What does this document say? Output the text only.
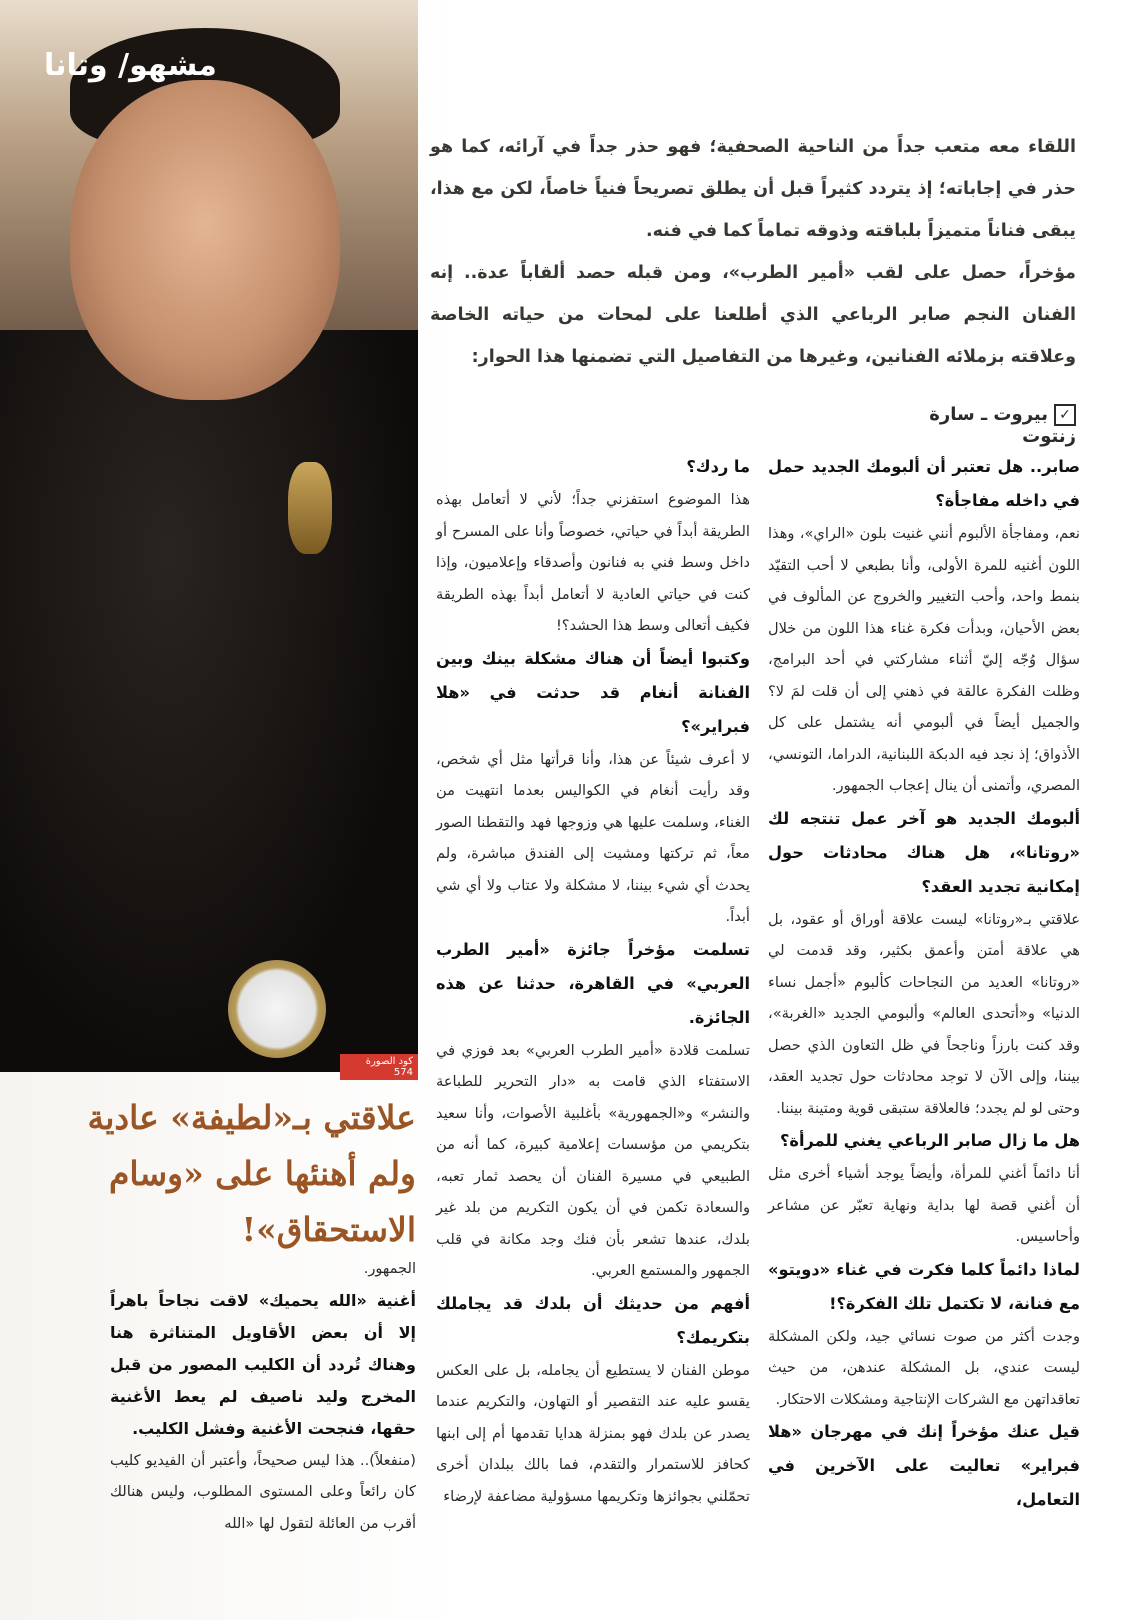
مشهو/ وتانا
كود الصورة 574

اللقاء معه متعب جداً من الناحية الصحفية؛ فهو حذر جداً في آرائه، كما هو حذر في إجاباته؛ إذ يتردد كثيراً قبل أن يطلق تصريحاً فنياً خاصاً، لكن مع هذا، يبقى فناناً متميزاً بلباقته وذوقه تماماً كما في فنه.

مؤخراً، حصل على لقب «أمير الطرب»، ومن قبله حصد ألقاباً عدة.. إنه الفنان النجم صابر الرباعي الذي أطلعنا على لمحات من حياته الخاصة وعلاقته بزملائه الفنانين، وغيرها من التفاصيل التي تضمنها هذا الحوار:

✓بيروت ـ سارة زنتوت

صابر.. هل تعتبر أن ألبومك الجديد حمل في داخله مفاجأة؟

نعم، ومفاجأة الألبوم أنني غنيت بلون «الراي»، وهذا اللون أغنيه للمرة الأولى، وأنا بطبعي لا أحب التقيّد بنمط واحد، وأحب التغيير والخروج عن المألوف في بعض الأحيان، وبدأت فكرة غناء هذا اللون من خلال سؤال وُجّه إليّ أثناء مشاركتي في أحد البرامج، وظلت الفكرة عالقة في ذهني إلى أن قلت لمَ لا؟ والجميل أيضاً في ألبومي أنه يشتمل على كل الأذواق؛ إذ نجد فيه الدبكة اللبنانية، الدراما، التونسي، المصري، وأتمنى أن ينال إعجاب الجمهور.

ألبومك الجديد هو آخر عمل تنتجه لك «روتانا»، هل هناك محادثات حول إمكانية تجديد العقد؟

علاقتي بـ«روتانا» ليست علاقة أوراق أو عقود، بل هي علاقة أمتن وأعمق بكثير، وقد قدمت لي «روتانا» العديد من النجاحات كألبوم «أجمل نساء الدنيا» و«أتحدى العالم» وألبومي الجديد «الغربة»، وقد كنت بارزاً وناجحاً في ظل التعاون الذي حصل بيننا، وإلى الآن لا توجد محادثات حول تجديد العقد، وحتى لو لم يجدد؛ فالعلاقة ستبقى قوية ومتينة بيننا.

هل ما زال صابر الرباعي يغني للمرأة؟

أنا دائماً أغني للمرأة، وأيضاً يوجد أشياء أخرى مثل أن أغني قصة لها بداية ونهاية تعبّر عن مشاعر وأحاسيس.

لماذا دائماً كلما فكرت في غناء «دويتو» مع فنانة، لا تكتمل تلك الفكرة؟!

وجدت أكثر من صوت نسائي جيد، ولكن المشكلة ليست عندي، بل المشكلة عندهن، من حيث تعاقداتهن مع الشركات الإنتاجية ومشكلات الاحتكار.

قيل عنك مؤخراً إنك في مهرجان «هلا فبراير» تعاليت على الآخرين في التعامل،

ما ردك؟

هذا الموضوع استفزني جداً؛ لأني لا أتعامل بهذه الطريقة أبداً في حياتي، خصوصاً وأنا على المسرح أو داخل وسط فني به فنانون وأصدقاء وإعلاميون، وإذا كنت في حياتي العادية لا أتعامل أبداً بهذه الطريقة فكيف أتعالى وسط هذا الحشد؟!

وكتبوا أيضاً أن هناك مشكلة بينك وبين الفنانة أنغام قد حدثت في «هلا فبراير»؟

لا أعرف شيئاً عن هذا، وأنا قرأتها مثل أي شخص، وقد رأيت أنغام في الكواليس بعدما انتهيت من الغناء، وسلمت عليها هي وزوجها فهد والتقطنا الصور معاً، ثم تركتها ومشيت إلى الفندق مباشرة، ولم يحدث أي شيء بيننا، لا مشكلة ولا عتاب ولا أي شي أبداً.

تسلمت مؤخراً جائزة «أمير الطرب العربي» في القاهرة، حدثنا عن هذه الجائزة.

تسلمت قلادة «أمير الطرب العربي» بعد فوزي في الاستفتاء الذي قامت به «دار التحرير للطباعة والنشر» و«الجمهورية» بأغلبية الأصوات، وأنا سعيد بتكريمي من مؤسسات إعلامية كبيرة، كما أنه من الطبيعي في مسيرة الفنان أن يحصد ثمار تعبه، والسعادة تكمن في أن يكون التكريم من بلد غير بلدك، عندها تشعر بأن فنك وجد مكانة في قلب الجمهور والمستمع العربي.

أفهم من حديثك أن بلدك قد يجاملك بتكريمك؟

موطن الفنان لا يستطيع أن يجامله، بل على العكس يقسو عليه عند التقصير أو التهاون، والتكريم عندما يصدر عن بلدك فهو بمنزلة هدايا تقدمها أم إلى ابنها كحافز للاستمرار والتقدم، فما بالك ببلدان أخرى تحمّلني بجوائزها وتكريمها مسؤولية مضاعفة لإرضاء

علاقتي بـ«لطيفة» عادية ولم أهنئها على «وسام الاستحقاق»!

الجمهور.

أغنية «الله يحميك» لاقت نجاحاً باهراً إلا أن بعض الأقاويل المتناثرة هنا وهناك تُردد أن الكليب المصور من قبل المخرج وليد ناصيف لم يعط الأغنية حقها، فنجحت الأغنية وفشل الكليب.

(منفعلاً).. هذا ليس صحيحاً، وأعتبر أن الفيديو كليب كان رائعاً وعلى المستوى المطلوب، وليس هنالك أقرب من العائلة لتقول لها «الله
